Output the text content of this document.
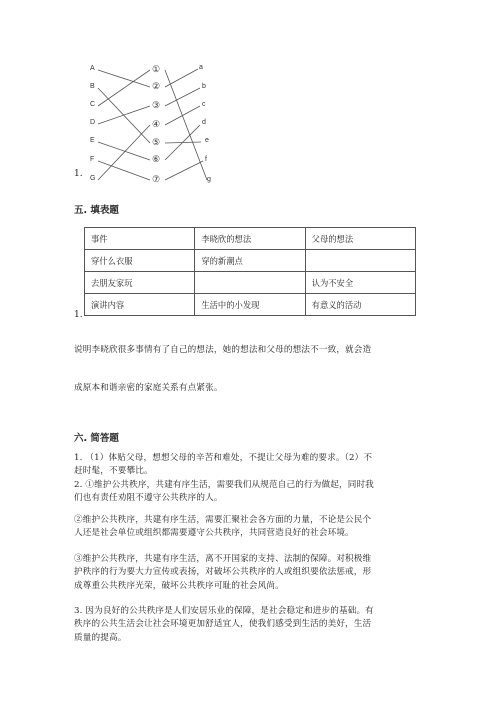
A
B
C
D
E
F
G
①
②
③
④
⑤
⑥
⑦
a
b
c
d
e
f
g
1.
五. 填表题
事件	李晓欣的想法	父母的想法
穿什么衣服	穿的新潮点	
去朋友家玩		认为不安全
演讲内容	生活中的小发现	有意义的活动
1.
说明李晓欣很多事情有了自己的想法，她的想法和父母的想法不一致，就会造
成原本和谐亲密的家庭关系有点紧张。
六. 简答题
1. （1）体贴父母，想想父母的辛苦和难处，不提让父母为难的要求。（2）不
赶时髦，不要攀比。
2. ①维护公共秩序，共建有序生活，需要我们从规范自己的行为做起，同时我
们也有责任劝阻不遵守公共秩序的人。
②维护公共秩序，共建有序生活，需要汇聚社会各方面的力量，不论是公民个
人还是社会单位或组织都需要遵守公共秩序，共同营造良好的社会环境。
③维护公共秩序，共建有序生活，离不开国家的支持、法制的保障。对积极维
护秩序的行为要大力宣传或表扬，对破坏公共秩序的人或组织要依法惩戒，形
成尊重公共秩序光荣，破坏公共秩序可耻的社会风尚。
3. 因为良好的公共秩序是人们安居乐业的保障，是社会稳定和进步的基础。有
秩序的公共生活会让社会环境更加舒适宜人，使我们感受到生活的美好，生活
质量的提高。
